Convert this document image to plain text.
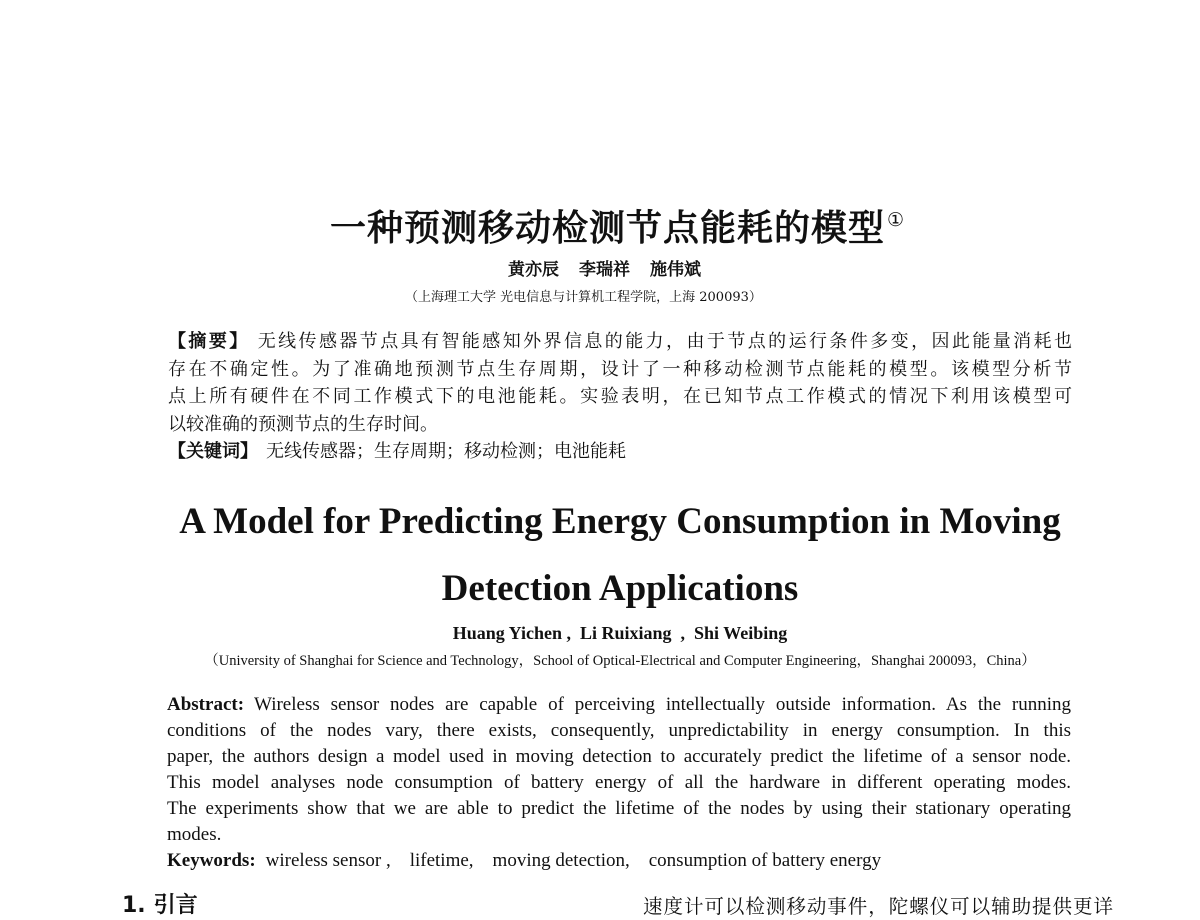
一种预测移动检测节点能耗的模型 ①
黄亦辰 李瑞祥 施伟斌
（上海理工大学 光电信息与计算机工程学院，上海 200093）
【摘要】 无线传感器节点具有智能感知外界信息的能力，由于节点的运行条件多变，因此能量消耗也
存在不确定性。为了准确地预测节点生存周期，设计了一种移动检测节点能耗的模型。该模型分析节
点上所有硬件在不同工作模式下的电池能耗。实验表明，在已知节点工作模式的情况下利用该模型可
以较准确的预测节点的生存时间。
【关键词】 无线传感器；生存周期；移动检测；电池能耗
A Model for Predicting Energy Consumption in Moving
Detection Applications
Huang Yichen ,  Li Ruixiang  ,  Shi Weibing
（University of Shanghai for Science and Technology，School of Optical-Electrical and Computer Engineering，Shanghai 200093，China）
Abstract: Wireless sensor nodes are capable of perceiving intellectually outside information. As the running
conditions of the nodes vary, there exists, consequently, unpredictability in energy consumption. In this
paper, the authors design a model used in moving detection to accurately predict the lifetime of a sensor node.
This model analyses node consumption of battery energy of all the hardware in different operating modes.
The experiments show that we are able to predict the lifetime of the nodes by using their stationary operating
modes.
Keywords: wireless sensor ,    lifetime,    moving detection,    consumption of battery energy
1. 引言	速度计可以检测移动事件，陀螺仪可以辅助提供更详
